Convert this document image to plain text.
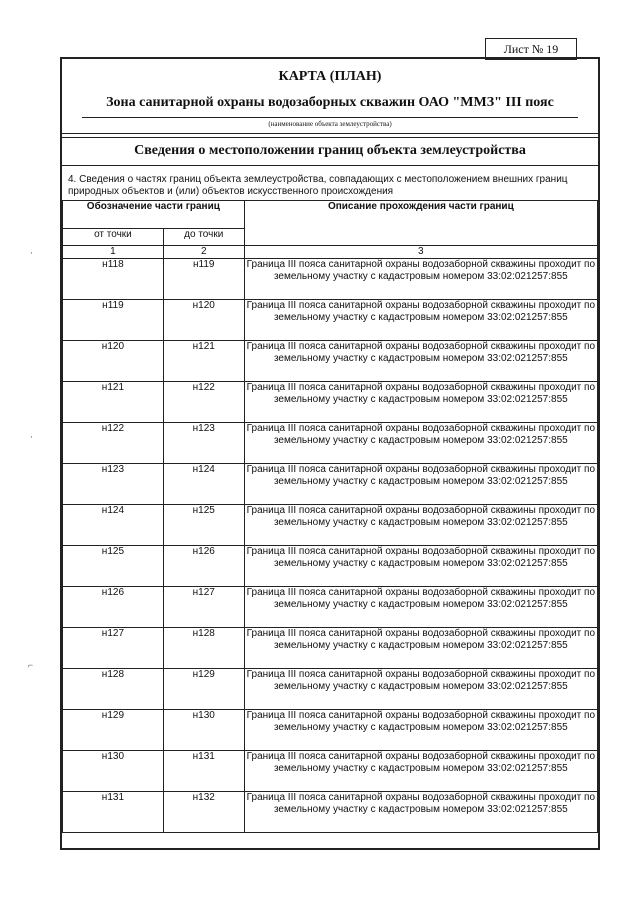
Лист № 19
КАРТА (ПЛАН)
Зона санитарной охраны водозаборных скважин ОАО "ММЗ" III пояс
(наименование объекта землеустройства)
Сведения о местоположении границ объекта землеустройства
4. Сведения о частях границ объекта землеустройства, совпадающих с местоположением внешних границ природных объектов и (или) объектов искусственного происхождения
Обозначение части границ		Описание прохождения части границ
от точки	до точки	
1	2	3
н118	н119	Граница III пояса санитарной охраны водозаборной скважины проходит по земельному участку с кадастровым номером 33:02:021257:855
н119	н120	Граница III пояса санитарной охраны водозаборной скважины проходит по земельному участку с кадастровым номером 33:02:021257:855
н120	н121	Граница III пояса санитарной охраны водозаборной скважины проходит по земельному участку с кадастровым номером 33:02:021257:855
н121	н122	Граница III пояса санитарной охраны водозаборной скважины проходит по земельному участку с кадастровым номером 33:02:021257:855
н122	н123	Граница III пояса санитарной охраны водозаборной скважины проходит по земельному участку с кадастровым номером 33:02:021257:855
н123	н124	Граница III пояса санитарной охраны водозаборной скважины проходит по земельному участку с кадастровым номером 33:02:021257:855
н124	н125	Граница III пояса санитарной охраны водозаборной скважины проходит по земельному участку с кадастровым номером 33:02:021257:855
н125	н126	Граница III пояса санитарной охраны водозаборной скважины проходит по земельному участку с кадастровым номером 33:02:021257:855
н126	н127	Граница III пояса санитарной охраны водозаборной скважины проходит по земельному участку с кадастровым номером 33:02:021257:855
н127	н128	Граница III пояса санитарной охраны водозаборной скважины проходит по земельному участку с кадастровым номером 33:02:021257:855
н128	н129	Граница III пояса санитарной охраны водозаборной скважины проходит по земельному участку с кадастровым номером 33:02:021257:855
н129	н130	Граница III пояса санитарной охраны водозаборной скважины проходит по земельному участку с кадастровым номером 33:02:021257:855
н130	н131	Граница III пояса санитарной охраны водозаборной скважины проходит по земельному участку с кадастровым номером 33:02:021257:855
н131	н132	Граница III пояса санитарной охраны водозаборной скважины проходит по земельному участку с кадастровым номером 33:02:021257:855
·
·
⌐
